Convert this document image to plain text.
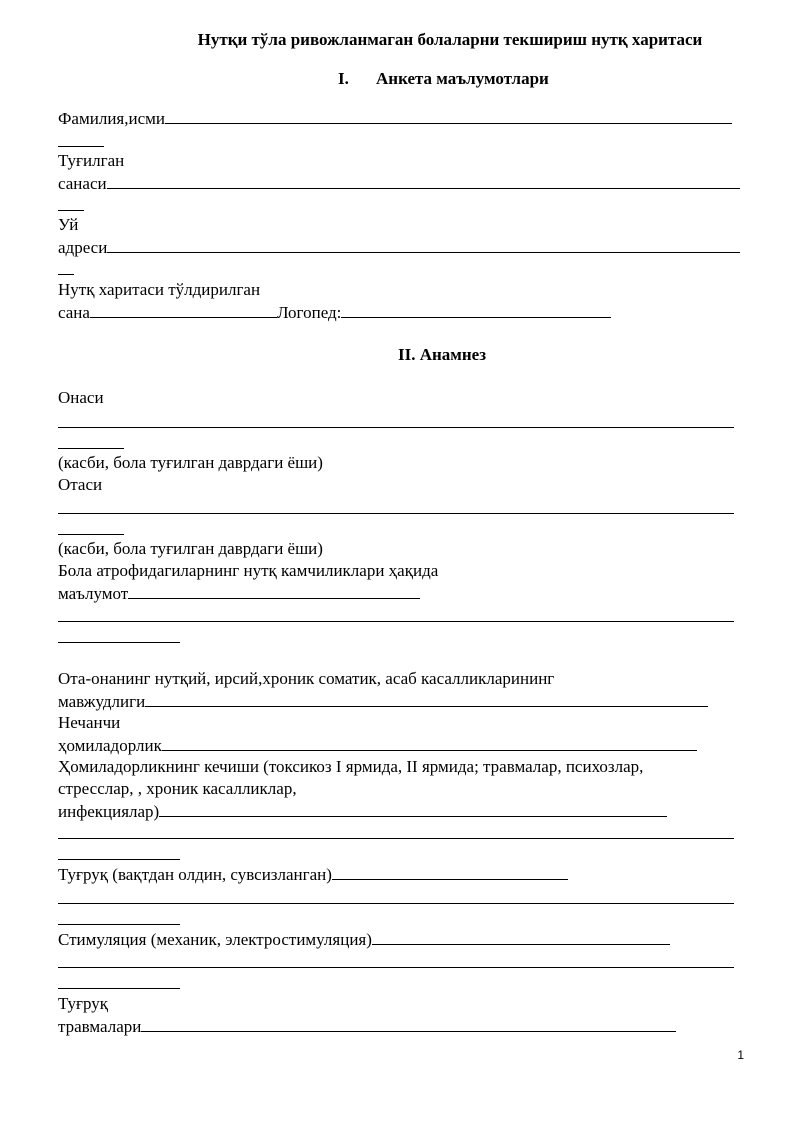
Нутқи тўла ривожланмаган болаларни текшириш нутқ харитаси
I. Анкета маълумотлари
Фамилия,исми
Туғилган
санаси
Уй
адреси
Нутқ харитаси тўлдирилган
сана	Логопед:
II. Анамнез
Онаси
(касби, бола туғилган даврдаги ёши)
Отаси
(касби, бола туғилган даврдаги ёши)
Бола атрофидагиларнинг нутқ камчиликлари ҳақида
маълумот
Ота-онанинг нутқий, ирсий,хроник соматик, асаб касалликларининг
мавжудлиги
Нечанчи
ҳомиладорлик
Ҳомиладорликнинг кечиши (токсикоз I ярмида, II ярмида; травмалар, психозлар,
стресслар, , хроник касалликлар,
инфекциялар)
Туғруқ (вақтдан олдин, сувсизланган)
Стимуляция (механик, электростимуляция)
Туғруқ
травмалари
1
